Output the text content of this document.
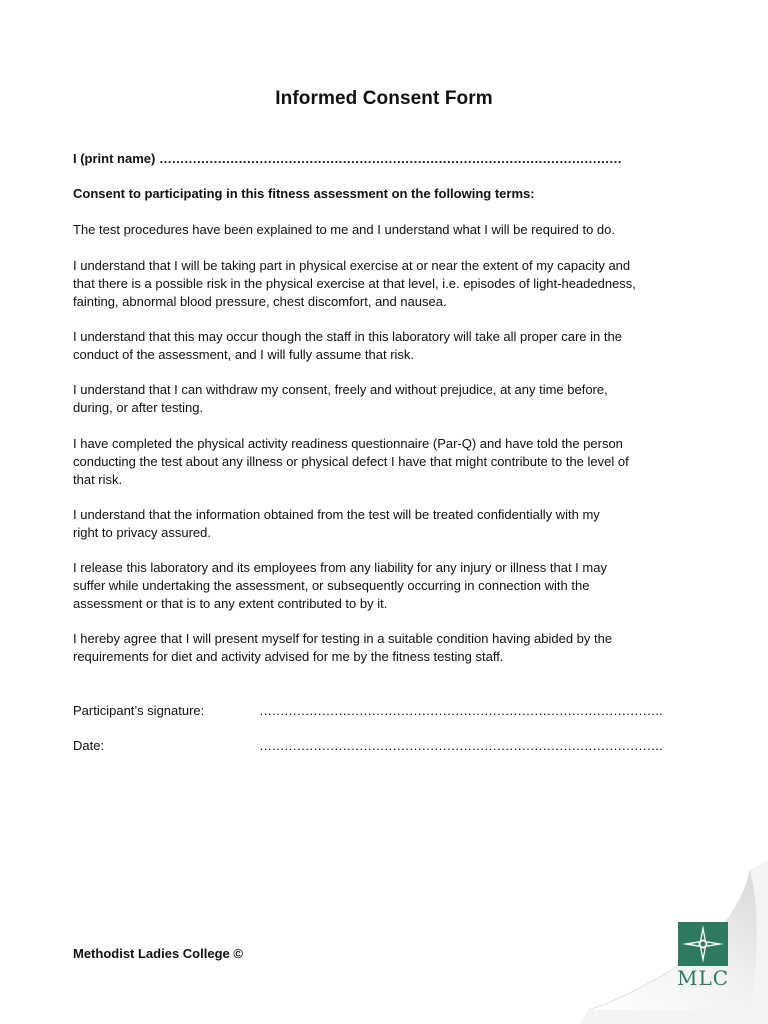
Informed Consent Form
I (print name) …………………………………………………………………………………………………
Consent to participating in this fitness assessment on the following terms:
The test procedures have been explained to me and I understand what I will be required to do.
I understand that I will be taking part in physical exercise at or near the extent of my capacity and
that there is a possible risk in the physical exercise at that level, i.e. episodes of light-headedness,
fainting, abnormal blood pressure, chest discomfort, and nausea.
I understand that this may occur though the staff in this laboratory will take all proper care in the
conduct of the assessment, and I will fully assume that risk.
I understand that I can withdraw my consent, freely and without prejudice, at any time before,
during, or after testing.
I have completed the physical activity readiness questionnaire (Par-Q) and have told the person
conducting the test about any illness or physical defect I have that might contribute to the level of
that risk.
I understand that the information obtained from the test will be treated confidentially with my
right to privacy assured.
I release this laboratory and its employees from any liability for any injury or illness that I may
suffer while undertaking the assessment, or subsequently occurring in connection with the
assessment or that is to any extent contributed to by it.
I hereby agree that I will present myself for testing in a suitable condition having abided by the
requirements for diet and activity advised for me by the fitness testing staff.
Participant’s signature:	…………………………………………………………………………………….
Date:	…………………………………………………………………………………….
Methodist Ladies College ©
MLC
